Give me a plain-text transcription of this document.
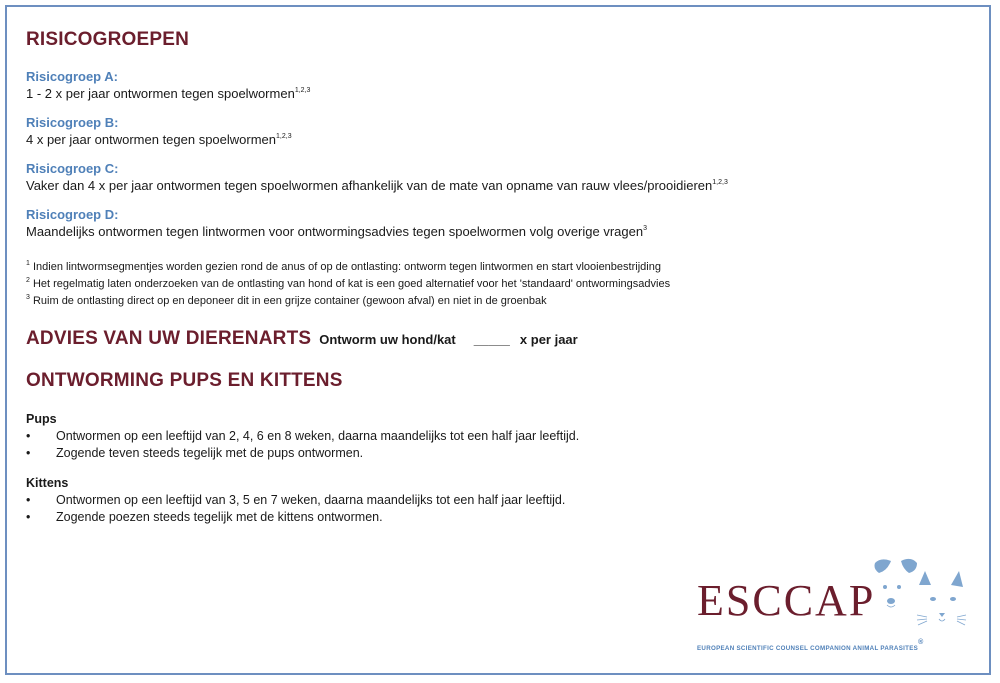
RISICOGROEPEN

Risicogroep A:

1 - 2 x per jaar ontwormen tegen spoelwormen$^{1,2,3}$

Risicogroep B:

4 x per jaar ontwormen tegen spoelwormen$^{1,2,3}$

Risicogroep C:

Vaker dan 4 x per jaar ontwormen tegen spoelwormen afhankelijk van de mate van opname van rauw vlees/prooidieren$^{1,2,3}$

Risicogroep D:

Maandelijks ontwormen tegen lintwormen voor ontwormingsadvies tegen spoelwormen volg overige vragen$^3$

$^1$ Indien lintwormsegmentjes worden gezien rond de anus of op de ontlasting: ontworm tegen lintwormen en start vlooienbestrijding
$^2$ Het regelmatig laten onderzoeken van de ontlasting van hond of kat is een goed alternatief voor het 'standaard' ontwormingsadvies
$^3$ Ruim de ontlasting direct op en deponeer dit in een grijze container (gewoon afval) en niet in de groenbak
ADVIES VAN UW DIERENARTS Ontworm uw hond/kat _____ x per jaar
ONTWORMING PUPS EN KITTENS

Pups

• Ontwormen op een leeftijd van 2, 4, 6 en 8 weken, daarna maandelijks tot een half jaar leeftijd.
• Zogende teven steeds tegelijk met de pups ontwormen.

Kittens

• Ontwormen op een leeftijd van 3, 5 en 7 weken, daarna maandelijks tot een half jaar leeftijd.
• Zogende poezen steeds tegelijk met de kittens ontwormen.
ESCCAP
EUROPEAN SCIENTIFIC COUNSEL COMPANION ANIMAL PARASITES®
